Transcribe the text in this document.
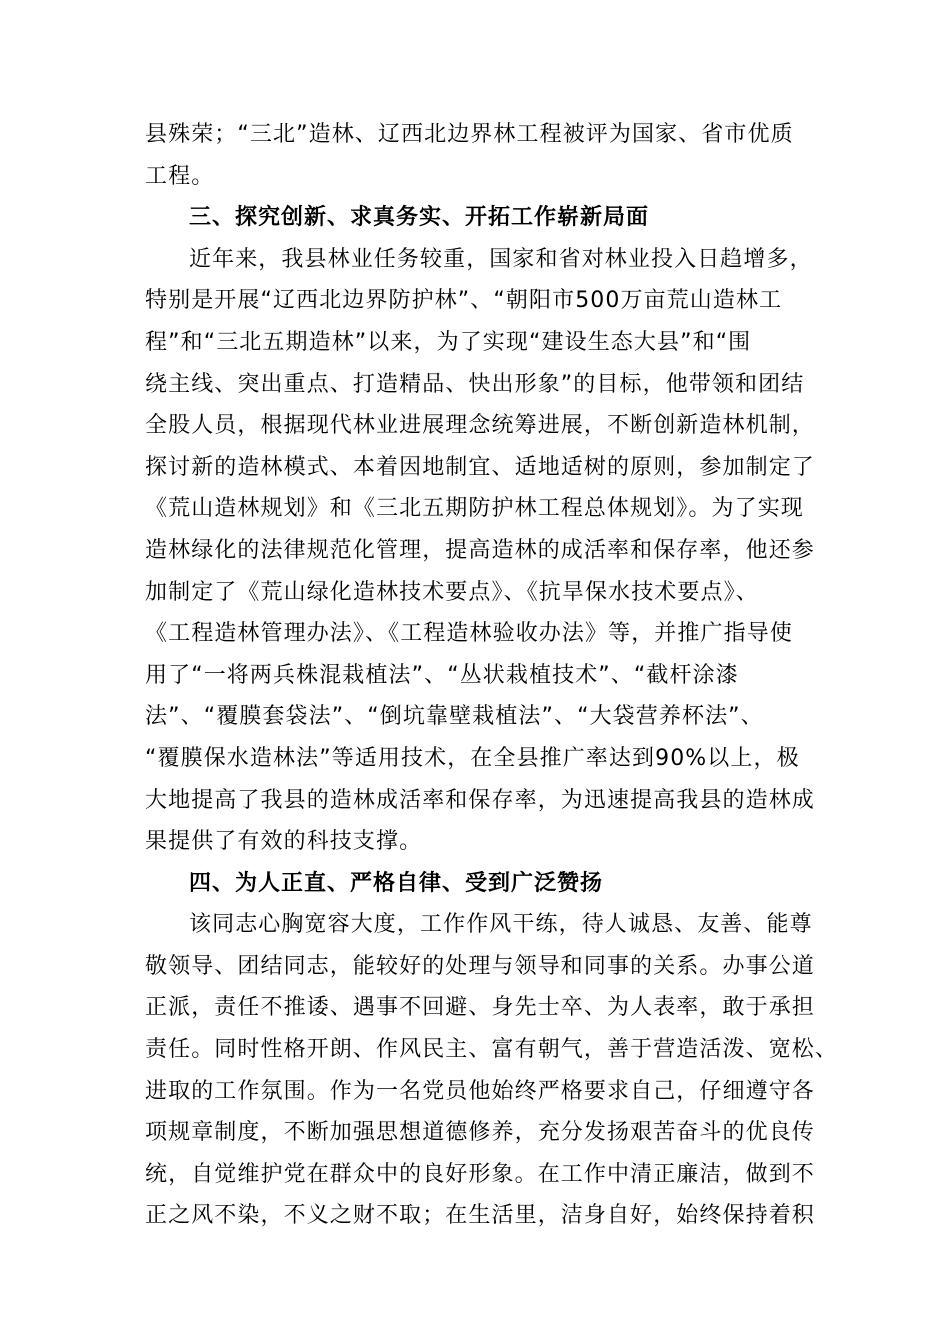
县殊荣；“三北”造林、辽西北边界林工程被评为国家、省市优质
工程。
三、探究创新、求真务实、开拓工作崭新局面
近年来，我县林业任务较重，国家和省对林业投入日趋增多，
特别是开展“辽西北边界防护林”、“朝阳市500万亩荒山造林工
程”和“三北五期造林”以来，为了实现“建设生态大县”和“围
绕主线、突出重点、打造精品、快出形象”的目标，他带领和团结
全股人员，根据现代林业进展理念统筹进展，不断创新造林机制，
探讨新的造林模式、本着因地制宜、适地适树的原则，参加制定了
《荒山造林规划》和《三北五期防护林工程总体规划》。为了实现
造林绿化的法律规范化管理，提高造林的成活率和保存率，他还参
加制定了《荒山绿化造林技术要点》、《抗旱保水技术要点》、
《工程造林管理办法》、《工程造林验收办法》等，并推广指导使
用了“一将两兵株混栽植法”、“丛状栽植技术”、“截杆涂漆
法”、“覆膜套袋法”、“倒坑靠壁栽植法”、“大袋营养杯法”、
“覆膜保水造林法”等适用技术，在全县推广率达到90%以上，极
大地提高了我县的造林成活率和保存率，为迅速提高我县的造林成
果提供了有效的科技支撑。
四、为人正直、严格自律、受到广泛赞扬
该同志心胸宽容大度，工作作风干练，待人诚恳、友善、能尊
敬领导、团结同志，能较好的处理与领导和同事的关系。办事公道
正派，责任不推诿、遇事不回避、身先士卒、为人表率，敢于承担
责任。同时性格开朗、作风民主、富有朝气，善于营造活泼、宽松、
进取的工作氛围。作为一名党员他始终严格要求自己，仔细遵守各
项规章制度，不断加强思想道德修养，充分发扬艰苦奋斗的优良传
统，自觉维护党在群众中的良好形象。在工作中清正廉洁，做到不
正之风不染，不义之财不取；在生活里，洁身自好，始终保持着积
